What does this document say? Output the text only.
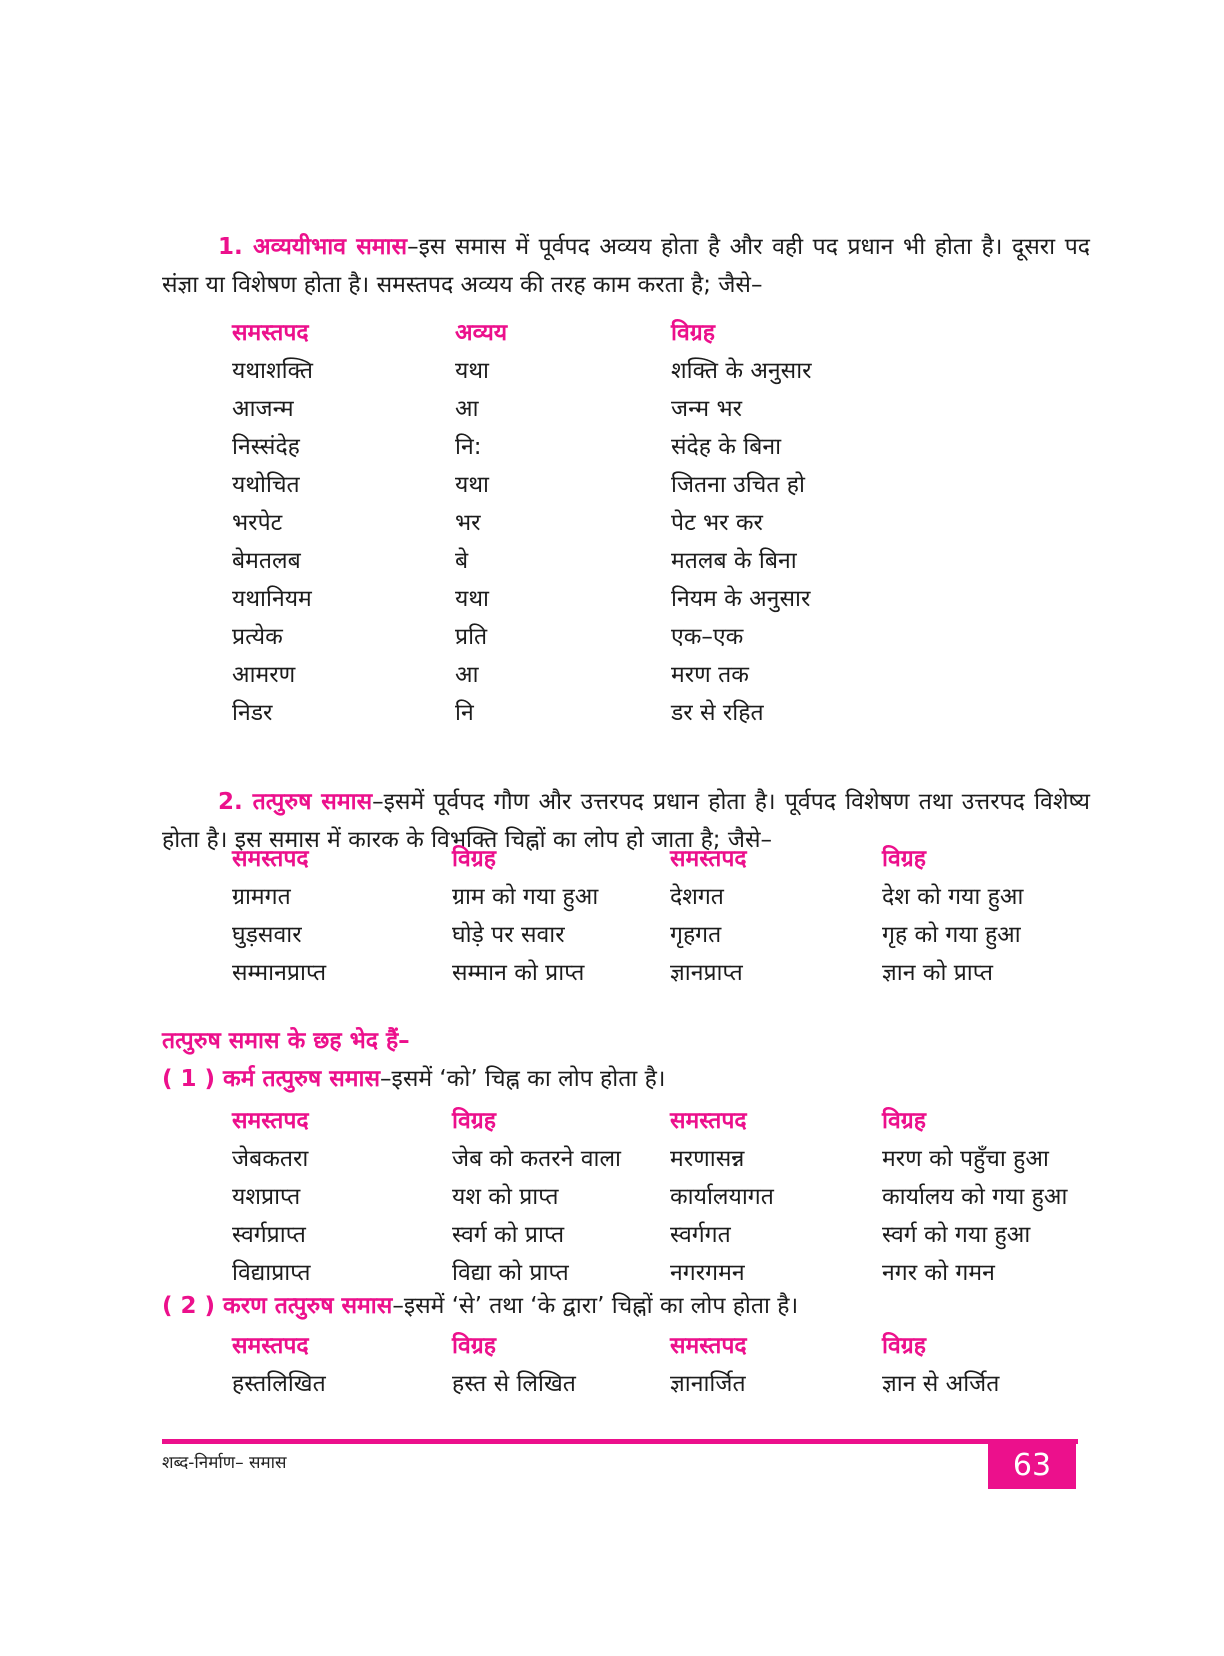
1. अव्ययीभाव समास–इस समास में पूर्वपद अव्यय होता है और वही पद प्रधान भी होता है। दूसरा पद संज्ञा या विशेषण होता है। समस्तपद अव्यय की तरह काम करता है; जैसे–

समस्तपद	अव्यय	विग्रह
यथाशक्ति	यथा	शक्ति के अनुसार
आजन्म	आ	जन्म भर
निस्संदेह	नि:	संदेह के बिना
यथोचित	यथा	जितना उचित हो
भरपेट	भर	पेट भर कर
बेमतलब	बे	मतलब के बिना
यथानियम	यथा	नियम के अनुसार
प्रत्येक	प्रति	एक–एक
आमरण	आ	मरण तक
निडर	नि	डर से रहित

2. तत्पुरुष समास–इसमें पूर्वपद गौण और उत्तरपद प्रधान होता है। पूर्वपद विशेषण तथा उत्तरपद विशेष्य होता है। इस समास में कारक के विभक्ति चिह्नों का लोप हो जाता है; जैसे–

समस्तपद	विग्रह	समस्तपद	विग्रह
ग्रामगत	ग्राम को गया हुआ	देशगत	देश को गया हुआ
घुड़सवार	घोड़े पर सवार	गृहगत	गृह को गया हुआ
सम्मानप्राप्त	सम्मान को प्राप्त	ज्ञानप्राप्त	ज्ञान को प्राप्त
तत्पुरुष समास के छह भेद हैं–
( 1 ) कर्म तत्पुरुष समास–इसमें ‘को’ चिह्न का लोप होता है।
समस्तपद	विग्रह	समस्तपद	विग्रह
जेबकतरा	जेब को कतरने वाला	मरणासन्न	मरण को पहुँचा हुआ
यशप्राप्त	यश को प्राप्त	कार्यालयागत	कार्यालय को गया हुआ
स्वर्गप्राप्त	स्वर्ग को प्राप्त	स्वर्गगत	स्वर्ग को गया हुआ
विद्याप्राप्त	विद्या को प्राप्त	नगरगमन	नगर को गमन
( 2 ) करण तत्पुरुष समास–इसमें ‘से’ तथा ‘के द्वारा’ चिह्नों का लोप होता है।
समस्तपद	विग्रह	समस्तपद	विग्रह
हस्तलिखित	हस्त से लिखित	ज्ञानार्जित	ज्ञान से अर्जित
शब्द-निर्माण– समास	63
